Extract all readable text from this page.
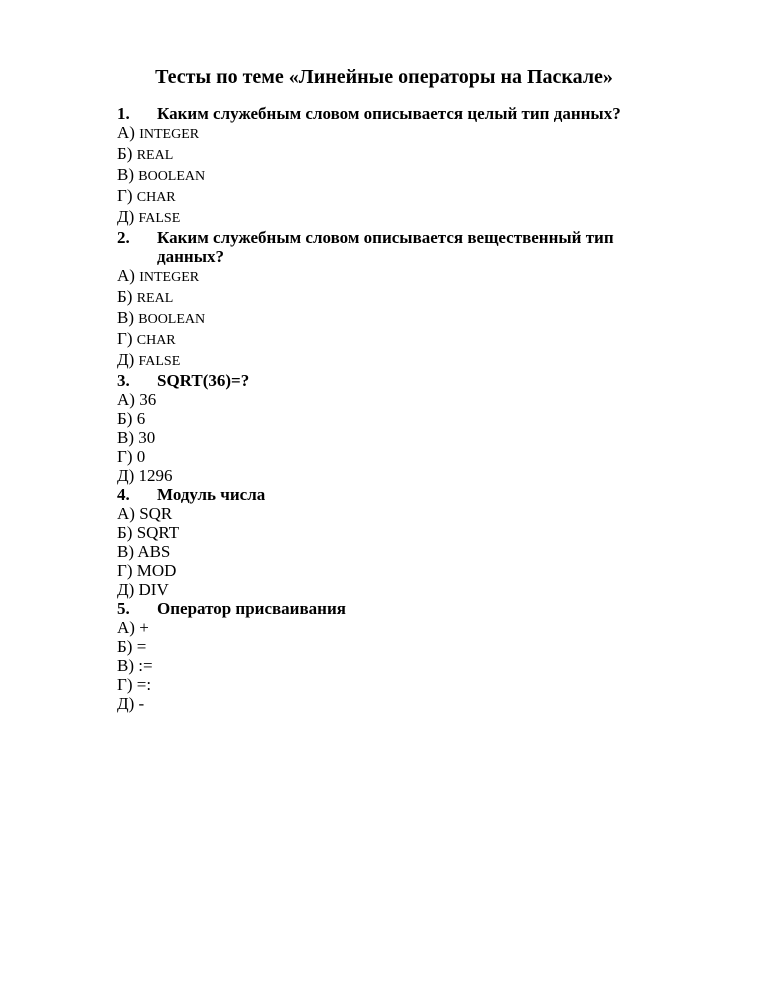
Тесты по теме «Линейные операторы на Паскале»
1. Каким служебным словом описывается целый тип данных?
А) INTEGER
Б) REAL
В) BOOLEAN
Г) CHAR
Д) FALSE
2. Каким служебным словом описывается вещественный тип данных?
А) INTEGER
Б) REAL
В) BOOLEAN
Г) CHAR
Д) FALSE
3. SQRT(36)=?
А) 36
Б) 6
В) 30
Г) 0
Д) 1296
4. Модуль числа
А) SQR
Б) SQRT
В) ABS
Г) MOD
Д) DIV
5. Оператор присваивания
А) +
Б) =
В) :=
Г) =:
Д) -
